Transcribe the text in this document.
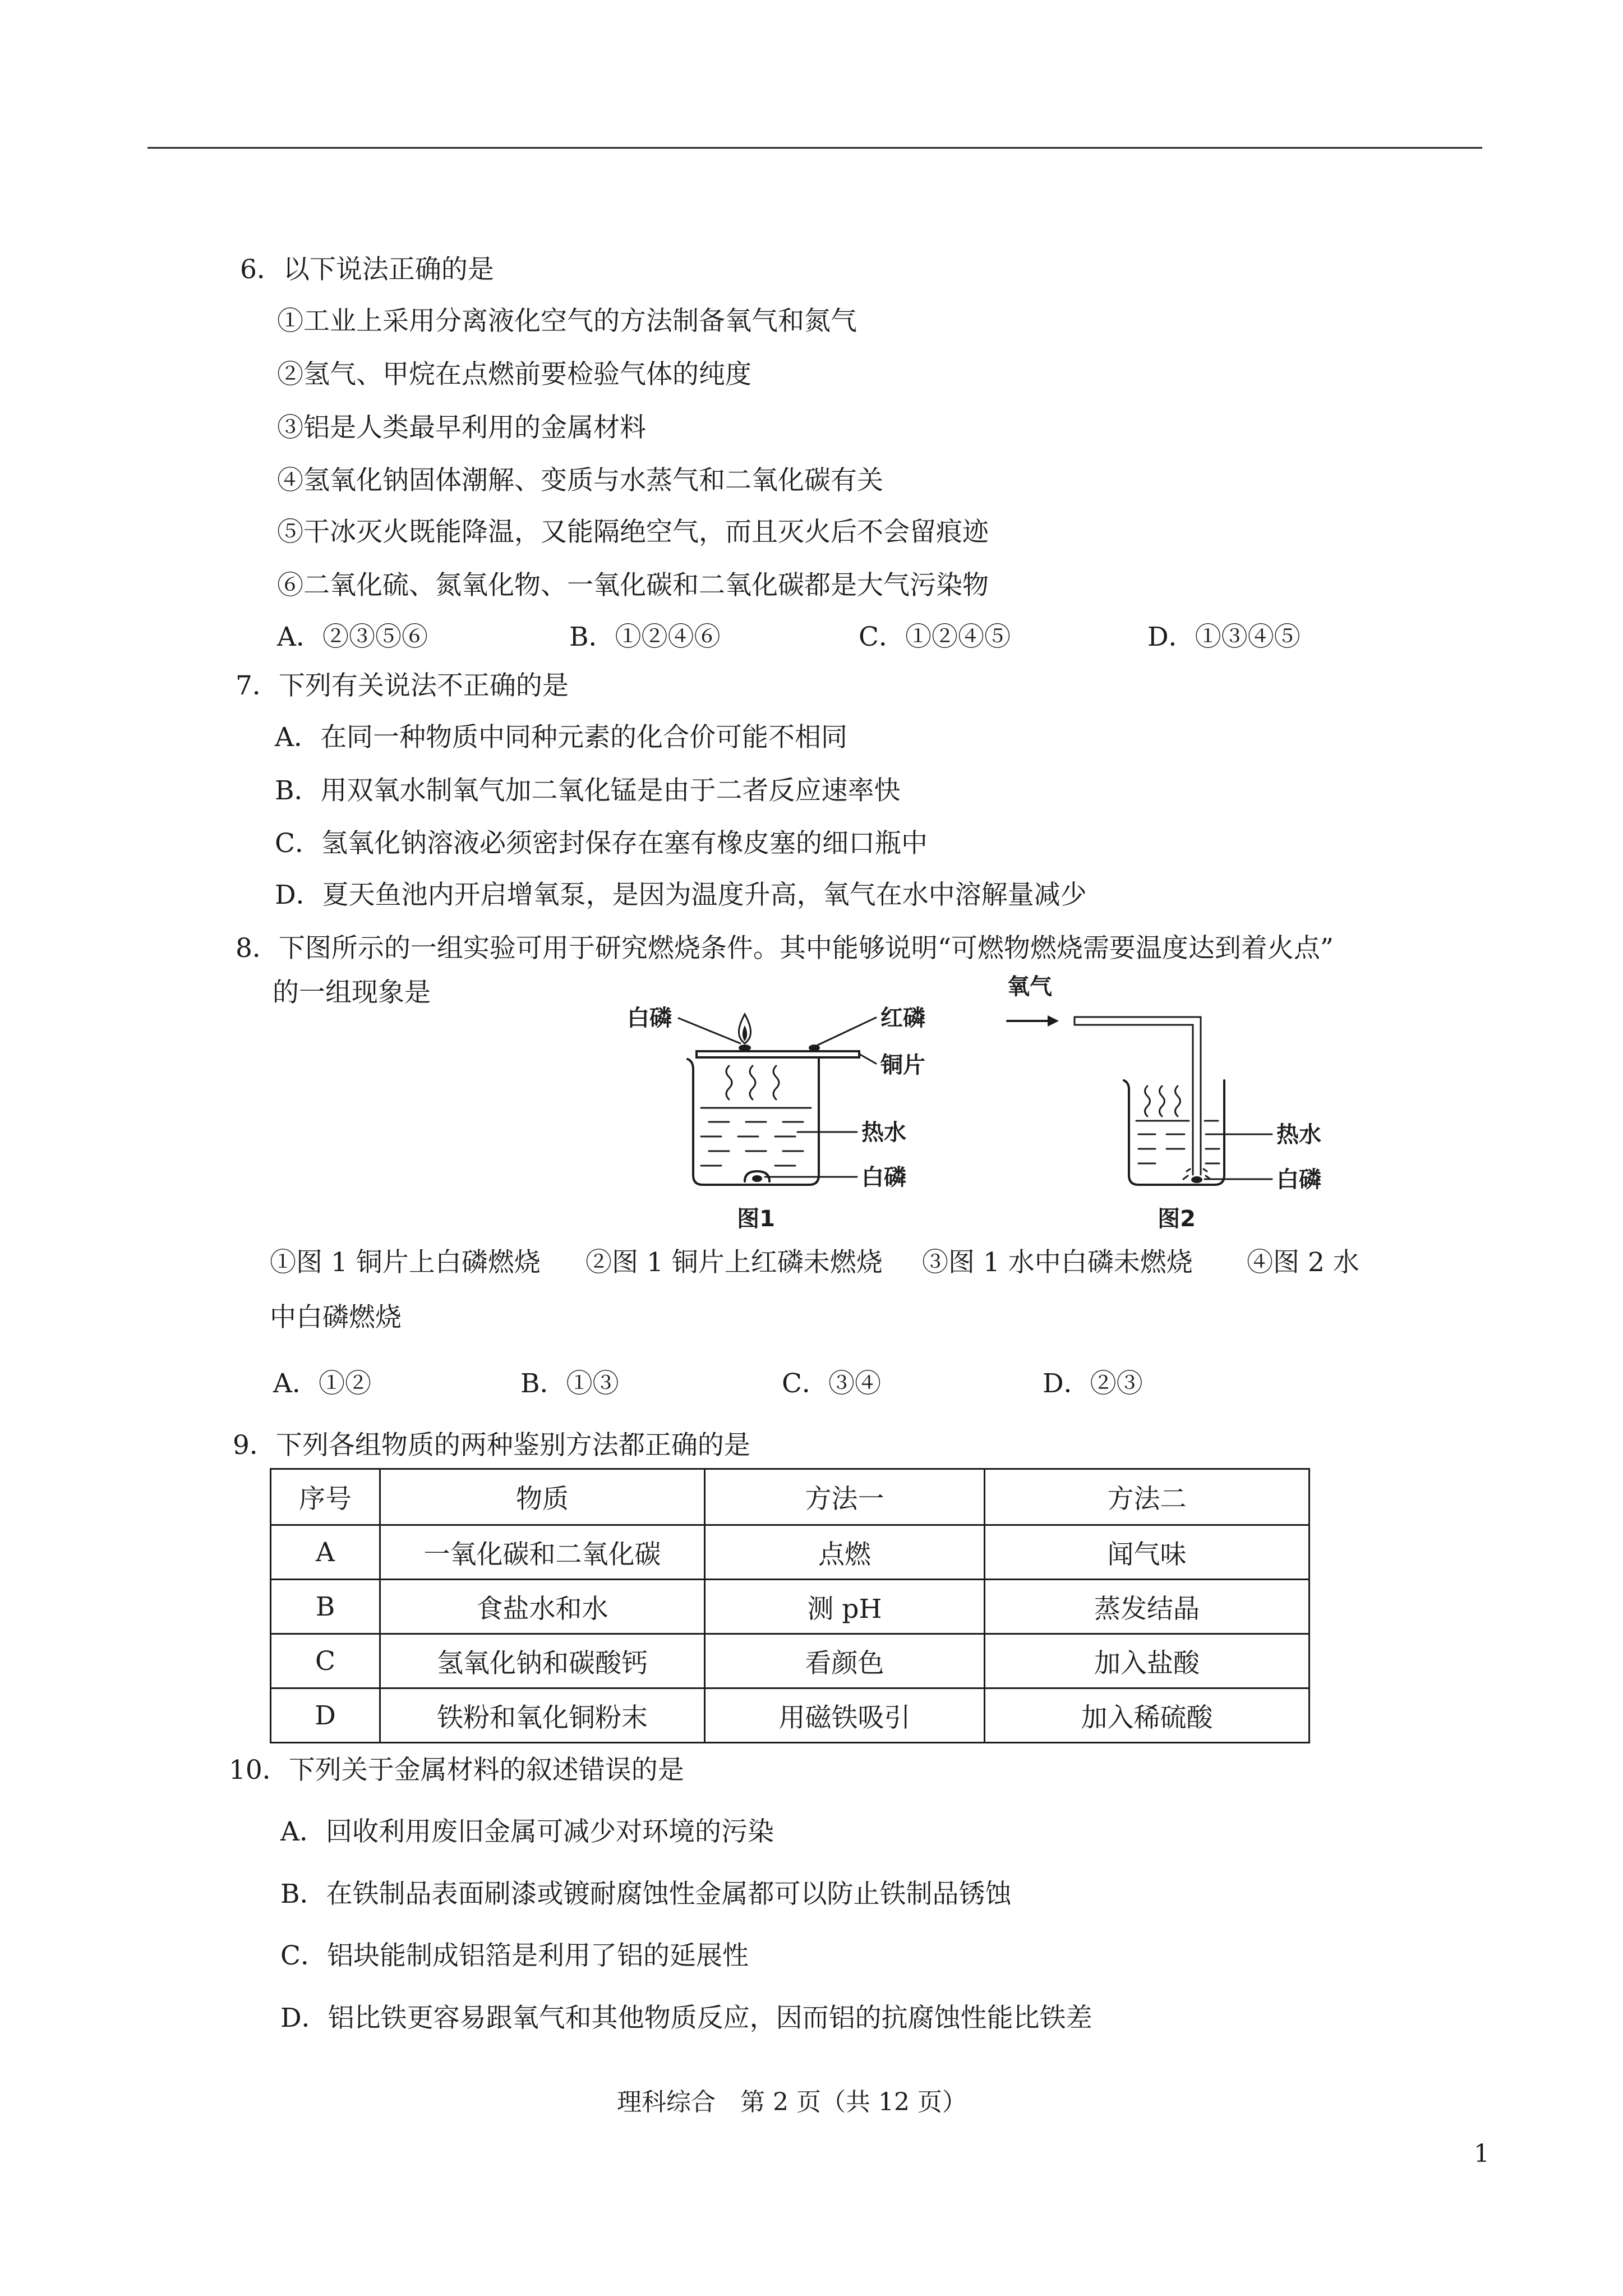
6．以下说法正确的是
①工业上采用分离液化空气的方法制备氧气和氮气
②氢气、甲烷在点燃前要检验气体的纯度
③铝是人类最早利用的金属材料
④氢氧化钠固体潮解、变质与水蒸气和二氧化碳有关
⑤干冰灭火既能降温，又能隔绝空气，而且灭火后不会留痕迹
⑥二氧化硫、氮氧化物、一氧化碳和二氧化碳都是大气污染物
A．②③⑤⑥	B．①②④⑥	C．①②④⑤	D．①③④⑤
7．下列有关说法不正确的是
A．在同一种物质中同种元素的化合价可能不相同
B．用双氧水制氧气加二氧化锰是由于二者反应速率快
C．氢氧化钠溶液必须密封保存在塞有橡皮塞的细口瓶中
D．夏天鱼池内开启增氧泵，是因为温度升高，氧气在水中溶解量减少
8．下图所示的一组实验可用于研究燃烧条件。其中能够说明“可燃物燃烧需要温度达到着火点”
的一组现象是
白磷	红磷
铜片
热水
白磷
图1
氧气
热水
白磷
图2
①图 1 铜片上白磷燃烧 ②图 1 铜片上红磷未燃烧 ③图 1 水中白磷未燃烧 ④图 2 水
中白磷燃烧
A．①②	B．①③	C．③④	D．②③
9．下列各组物质的两种鉴别方法都正确的是
序号	物质	方法一	方法二
A	一氧化碳和二氧化碳	点燃	闻气味
B	食盐水和水	测 pH	蒸发结晶
C	氢氧化钠和碳酸钙	看颜色	加入盐酸
D	铁粉和氧化铜粉末	用磁铁吸引	加入稀硫酸
10．下列关于金属材料的叙述错误的是
A．回收利用废旧金属可减少对环境的污染
B．在铁制品表面刷漆或镀耐腐蚀性金属都可以防止铁制品锈蚀
C．铝块能制成铝箔是利用了铝的延展性
D．铝比铁更容易跟氧气和其他物质反应，因而铝的抗腐蚀性能比铁差
理科综合　第 2 页（共 12 页）
1
